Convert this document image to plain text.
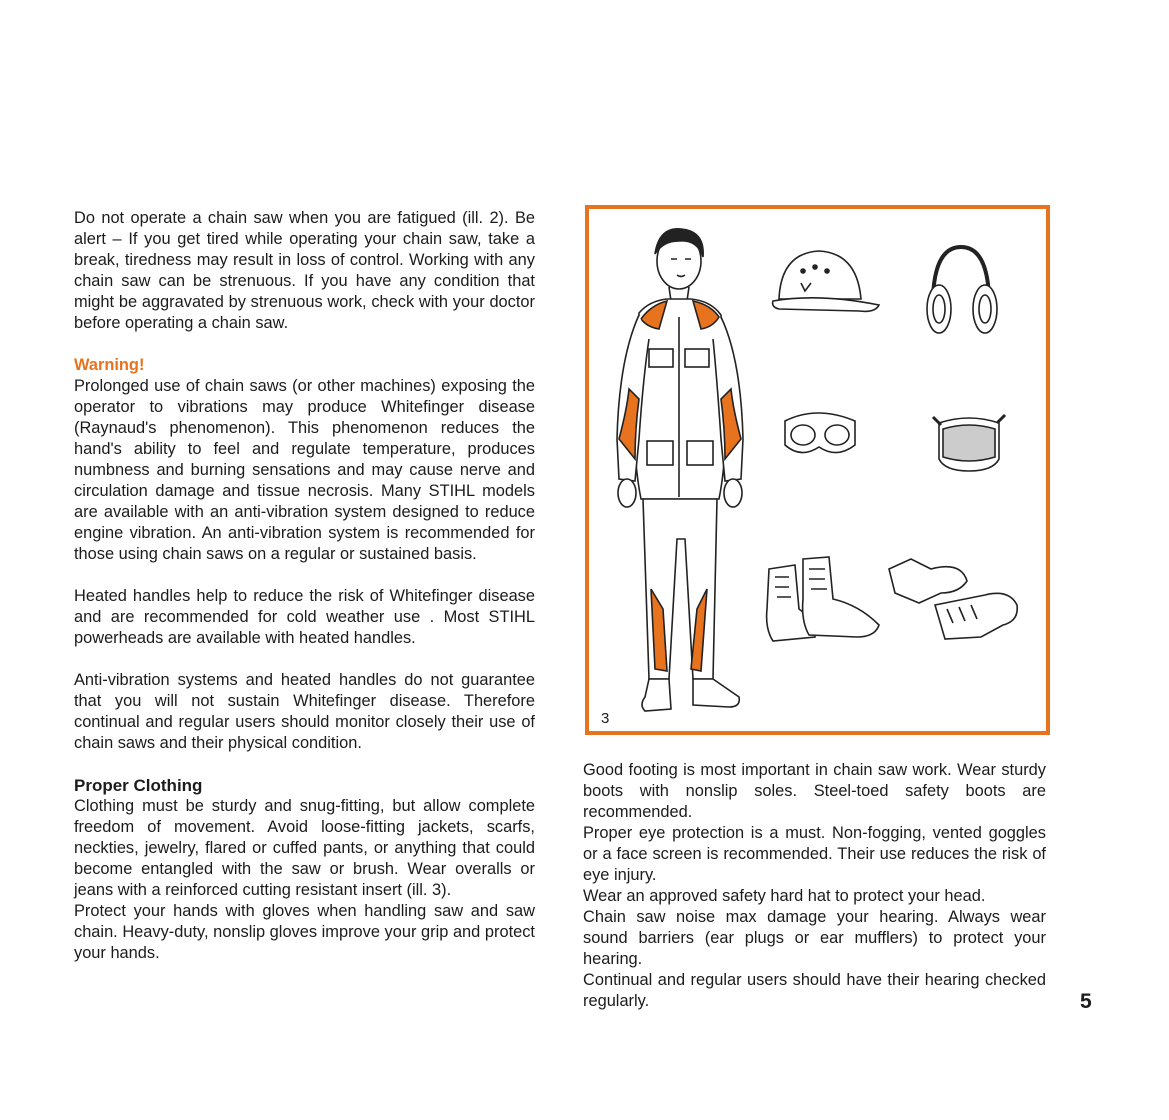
Do not operate a chain saw when you are fatigued (ill. 2). Be alert – If you get tired while operating your chain saw, take a break, tiredness may result in loss of control. Working with any chain saw can be strenuous. If you have any condition that might be aggravated by strenuous work, check with your doctor before operating a chain saw.

Warning!

Prolonged use of chain saws (or other machines) exposing the operator to vibrations may produce Whitefinger disease (Raynaud's phenomenon). This phenomenon reduces the hand's ability to feel and regulate temperature, produces numbness and burning sensations and may cause nerve and circulation damage and tissue necrosis. Many STIHL models are available with an anti-vibration system designed to reduce engine vibration. An anti-vibration system is recommended for those using chain saws on a regular or sustained basis.

Heated handles help to reduce the risk of Whitefinger disease and are recommended for cold weather use . Most STIHL powerheads are available with heated handles.

Anti-vibration systems and heated handles do not guarantee that you will not sustain Whitefinger disease. Therefore continual and regular users should monitor closely their use of chain saws and their physical condition.

Proper Clothing

Clothing must be sturdy and snug-fitting, but allow complete freedom of movement. Avoid loose-fitting jackets, scarfs, neckties, jewelry, flared or cuffed pants, or anything that could become entangled with the saw or brush. Wear overalls or jeans with a reinforced cutting resistant insert (ill. 3).

Protect your hands with gloves when handling saw and saw chain. Heavy-duty, nonslip gloves improve your grip and protect your hands.

3

Good footing is most important in chain saw work. Wear sturdy boots with nonslip soles. Steel-toed safety boots are recommended.

Proper eye protection is a must. Non-fogging, vented goggles or a face screen is recommended. Their use reduces the risk of eye injury.

Wear an approved safety hard hat to protect your head.

Chain saw noise max damage your hearing. Always wear sound barriers (ear plugs or ear mufflers) to protect your hearing.

Continual and regular users should have their hearing checked regularly.	5
